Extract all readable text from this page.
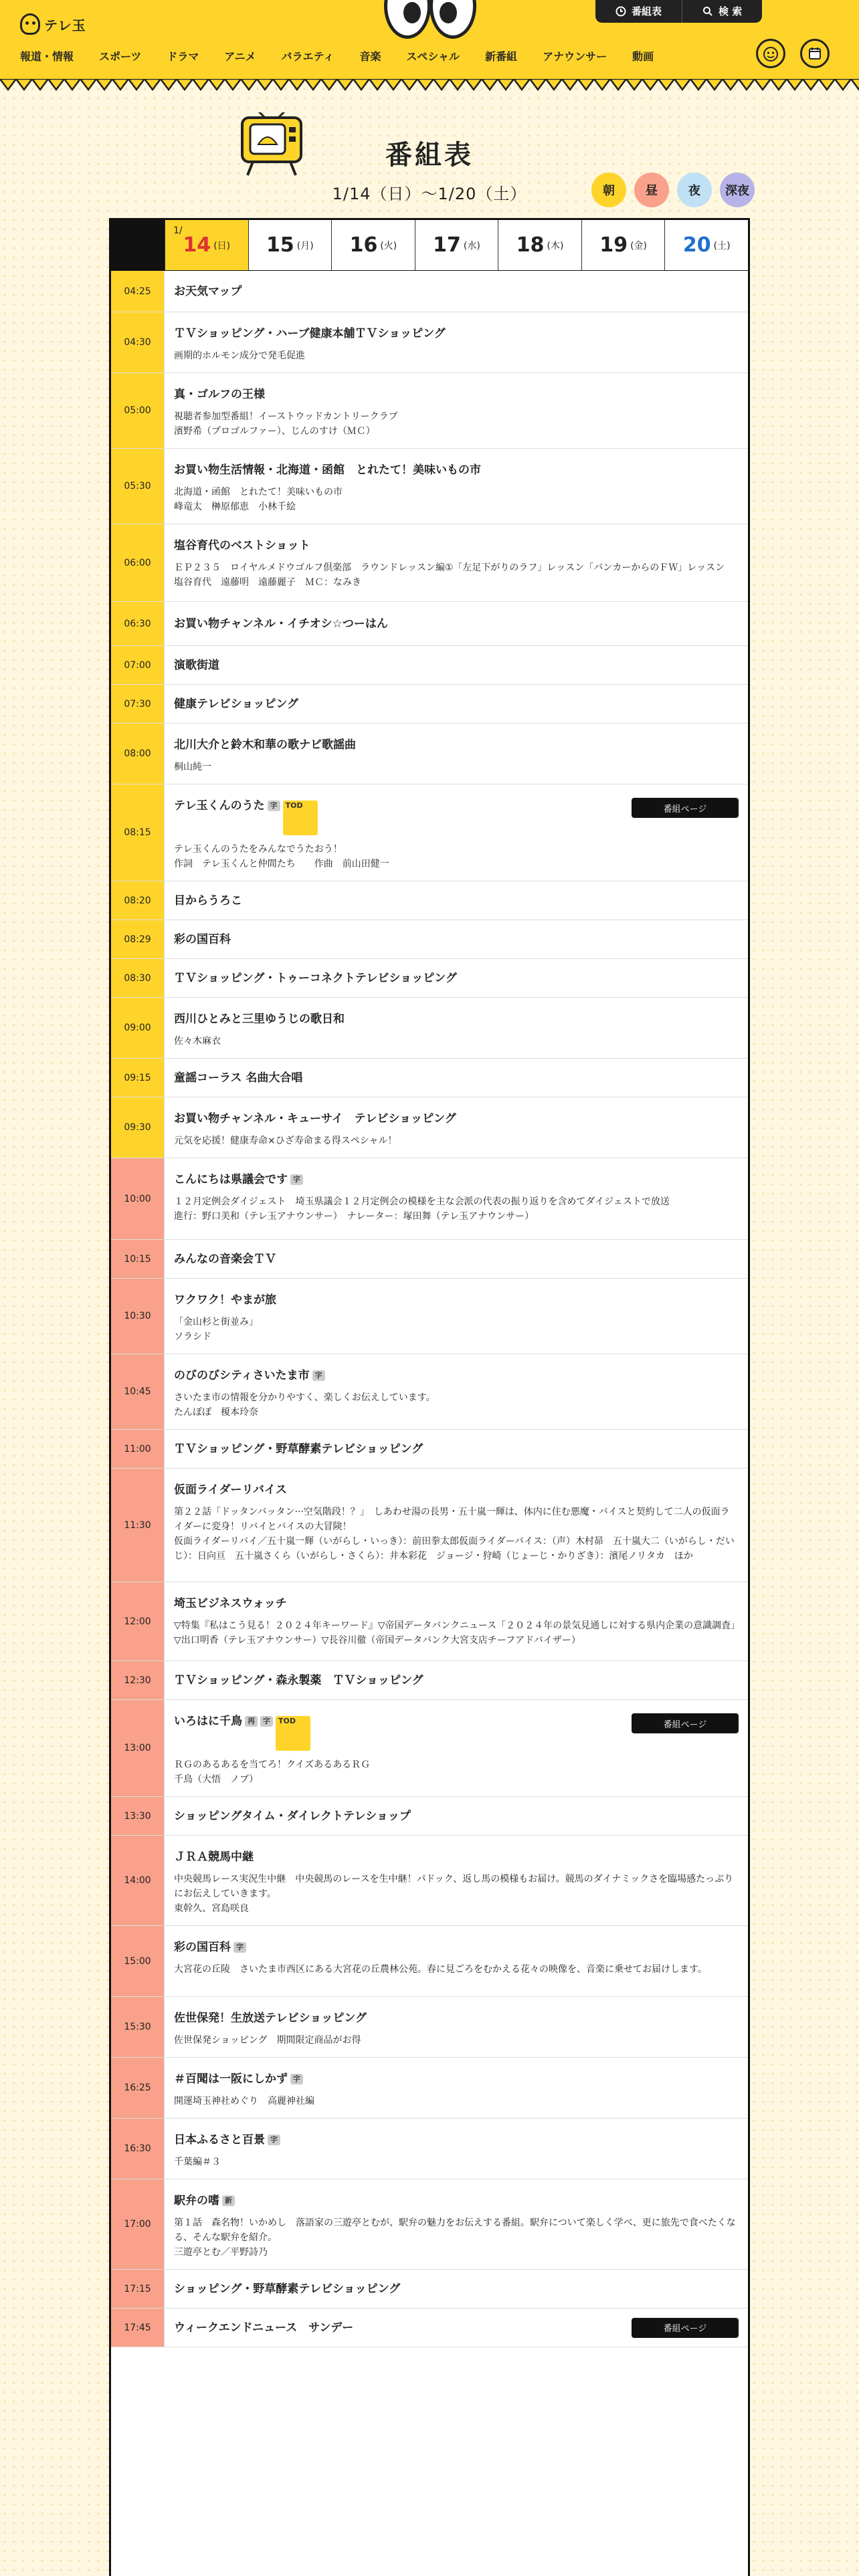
テレ玉
番組表	検 索
報道・情報 スポーツ ドラマ アニメ バラエティ 音楽 スペシャル 新番組 アナウンサー 動画
番組表
1/14（日）〜1/20（土）	朝	昼	夜	深夜
1/
14 (日) 15 (月) 16 (火) 17 (水) 18 (木) 19 (金) 20 (土)
04:25	お天気マップ
04:30
ＴＶショッピング・ハーブ健康本舗ＴＶショッピング
画期的ホルモン成分で発毛促進
05:00
真・ゴルフの王様
視聴者参加型番組！イーストウッドカントリークラブ
濱野希（プロゴルファー）、じんのすけ（ＭＣ）
05:30
お買い物生活情報・北海道・函館　とれたて！美味いもの市
北海道・函館　とれたて！美味いもの市
峰竜太　榊原郁恵　小林千絵
06:00
塩谷育代のベストショット
ＥＰ２３５　ロイヤルメドウゴルフ倶楽部　ラウンドレッスン編①「左足下がりのラフ」レッスン「バンカーからのＦＷ」レッスン
塩谷育代　遠藤明　遠藤麗子　ＭＣ：なみき
06:30	お買い物チャンネル・イチオシ☆つーはん
07:00	演歌街道
07:30	健康テレビショッピング
08:00
北川大介と鈴木和華の歌ナビ歌謡曲
桐山純一
08:15
テレ玉くんのうた 字 TOD
テレ玉くんのうたをみんなでうたおう！
作詞　テレ玉くんと仲間たち　　作曲　前山田健一
番組ページ
08:20	目からうろこ
08:29	彩の国百科
08:30	ＴＶショッピング・トゥーコネクトテレビショッピング
09:00
西川ひとみと三里ゆうじの歌日和
佐々木麻衣
09:15	童謡コーラス 名曲大合唱
09:30
お買い物チャンネル・キューサイ　テレビショッピング
元気を応援！健康寿命×ひざ寿命まる得スペシャル！
10:00
こんにちは県議会です 字
１２月定例会ダイジェスト　埼玉県議会１２月定例会の模様を主な会派の代表の振り返りを含めてダイジェストで放送
進行：野口美和（テレ玉アナウンサー）　ナレーター：塚田舞（テレ玉アナウンサー）
10:15	みんなの音楽会ＴＶ
10:30
ワクワク！やまが旅
「金山杉と街並み」
ソラシド
10:45
のびのびシティさいたま市 字
さいたま市の情報を分かりやすく、楽しくお伝えしています。
たんぽぽ　榎本玲奈
11:00	ＴＶショッピング・野草酵素テレビショッピング
11:30
仮面ライダーリバイス
第２２話「ドッタンバッタン···空気階段！？」　しあわせ湯の長男・五十嵐一輝は、体内に住む悪魔・バイスと契約して二人の仮面ライダーに変身！リバイとバイスの大冒険！
仮面ライダーリバイ／五十嵐一輝（いがらし・いっき）：前田拳太郎仮面ライダーバイス：（声）木村昴　五十嵐大二（いがらし・だいじ）：日向亘　五十嵐さくら（いがらし・さくら）：井本彩花　ジョージ・狩崎（じょーじ・かりざき）：濱尾ノリタカ　ほか
12:00
埼玉ビジネスウォッチ
▽特集『私はこう見る！２０２４年キーワード』▽帝国データバンクニュース「２０２４年の景気見通しに対する県内企業の意識調査」
▽出口明香（テレ玉アナウンサー）▽長谷川徹（帝国データバンク大宮支店チーフアドバイザー）
12:30	ＴＶショッピング・森永製薬　ＴＶショッピング
13:00
いろはに千鳥 再 字 TOD
ＲＧのあるあるを当てろ！クイズあるあるＲＧ
千鳥（大悟　ノブ）
番組ページ
13:30	ショッピングタイム・ダイレクトテレショップ
14:00
ＪＲＡ競馬中継
中央競馬レース実況生中継　中央競馬のレースを生中継！パドック、返し馬の模様もお届け。競馬のダイナミックさを臨場感たっぷりにお伝えしていきます。
東幹久、宮島咲良
15:00
彩の国百科 字
大宮花の丘陵　さいたま市西区にある大宮花の丘農林公苑。春に見ごろをむかえる花々の映像を、音楽に乗せてお届けします。
15:30
佐世保発！生放送テレビショッピング
佐世保発ショッピング　期間限定商品がお得
16:25
＃百聞は一阪にしかず 字
開運埼玉神社めぐり　高麗神社編
16:30
日本ふるさと百景 字
千葉編＃３
17:00
駅弁の嗜 新
第１話　森名物！いかめし　落語家の三遊亭とむが、駅弁の魅力をお伝えする番組。駅弁について楽しく学べ、更に旅先で食べたくなる、そんな駅弁を紹介。
三遊亭とむ／平野詩乃
17:15	ショッピング・野草酵素テレビショッピング
17:45	ウィークエンドニュース　サンデー	番組ページ
